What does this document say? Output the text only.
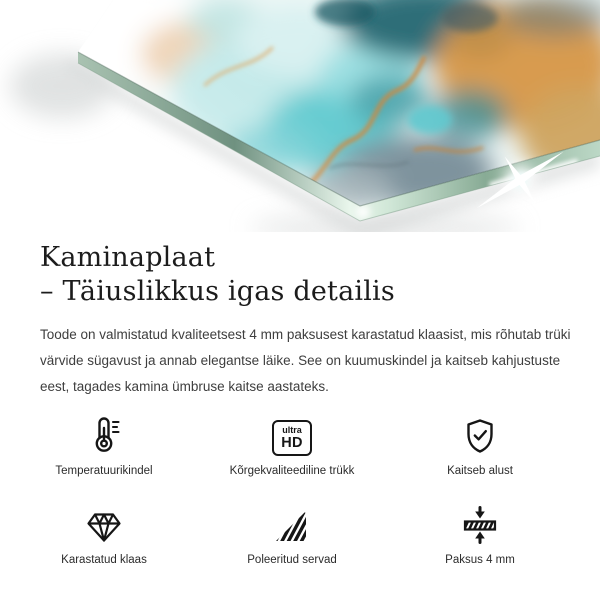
Kaminaplaat
– Täiuslikkus igas detailis

Toode on valmistatud kvaliteetsest 4 mm paksusest karastatud klaasist, mis rõhutab trüki värvide sügavust ja annab elegantse läike. See on kuumuskindel ja kaitseb kahjustuste eest, tagades kamina ümbruse kaitse aastateks.

Temperatuurikindel
ultra
HD
Kõrgekvaliteediline trükk	Kaitseb alust
Karastatud klaas	Poleeritud servad	Paksus 4 mm
